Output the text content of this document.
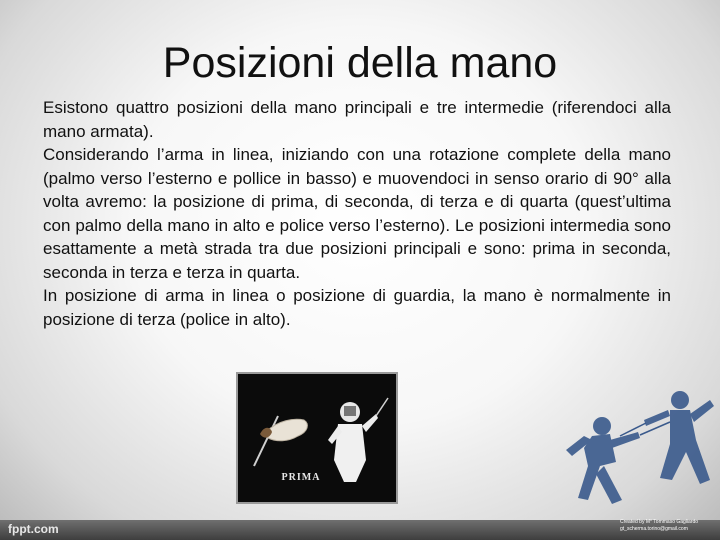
Posizioni della mano

Esistono quattro posizioni della mano principali e tre intermedie (riferendoci alla mano armata).

Considerando l’arma in linea, iniziando con una rotazione complete della mano (palmo verso l’esterno e pollice in basso) e muovendoci in senso orario di 90° alla volta avremo: la posizione di prima, di seconda, di terza e di quarta (quest’ultima con palmo della mano in alto e police verso l’esterno). Le posizioni intermedia sono esattamente a metà strada tra due posizioni principali e sono: prima in seconda, seconda in terza e terza in quarta.

In posizione di arma in linea o posizione di guardia, la mano è normalmente in posizione di terza (police in alto).

PRIMA
fppt.com	Created by M° Tommaso Gagliardo
gt_scherma.torino@gmail.com
